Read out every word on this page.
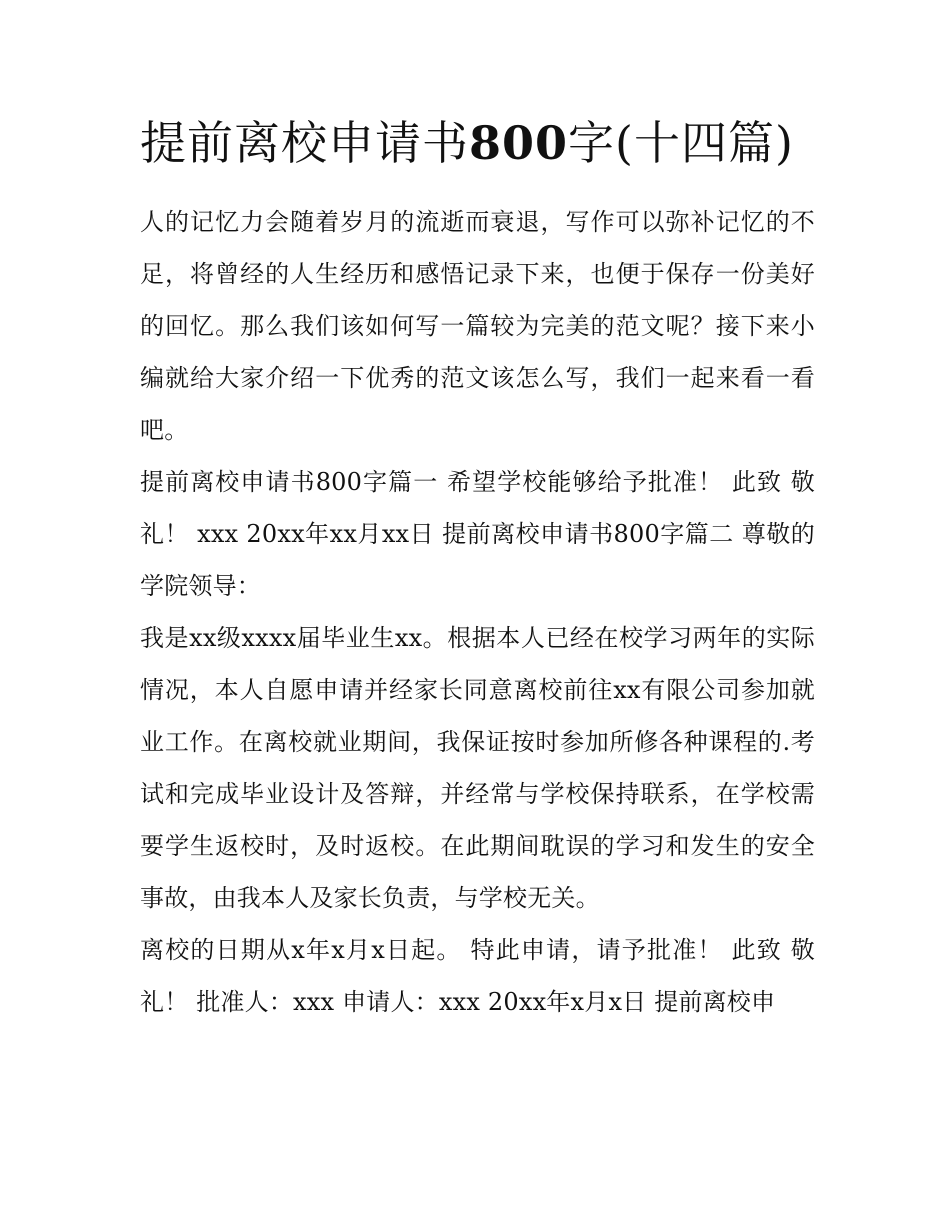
提前离校申请书800字(十四篇)

人的记忆力会随着岁月的流逝而衰退，写作可以弥补记忆的不足，将曾经的人生经历和感悟记录下来，也便于保存一份美好的回忆。那么我们该如何写一篇较为完美的范文呢？接下来小编就给大家介绍一下优秀的范文该怎么写，我们一起来看一看吧。

提前离校申请书800字篇一 希望学校能够给予批准！ 此致 敬礼！ xxx 20xx年xx月xx日 提前离校申请书800字篇二 尊敬的学院领导：

我是xx级xxxx届毕业生xx。根据本人已经在校学习两年的实际情况，本人自愿申请并经家长同意离校前往xx有限公司参加就业工作。在离校就业期间，我保证按时参加所修各种课程的.考试和完成毕业设计及答辩，并经常与学校保持联系，在学校需要学生返校时，及时返校。在此期间耽误的学习和发生的安全事故，由我本人及家长负责，与学校无关。

离校的日期从x年x月x日起。 特此申请，请予批准！ 此致 敬礼！ 批准人：xxx 申请人：xxx 20xx年x月x日 提前离校申
